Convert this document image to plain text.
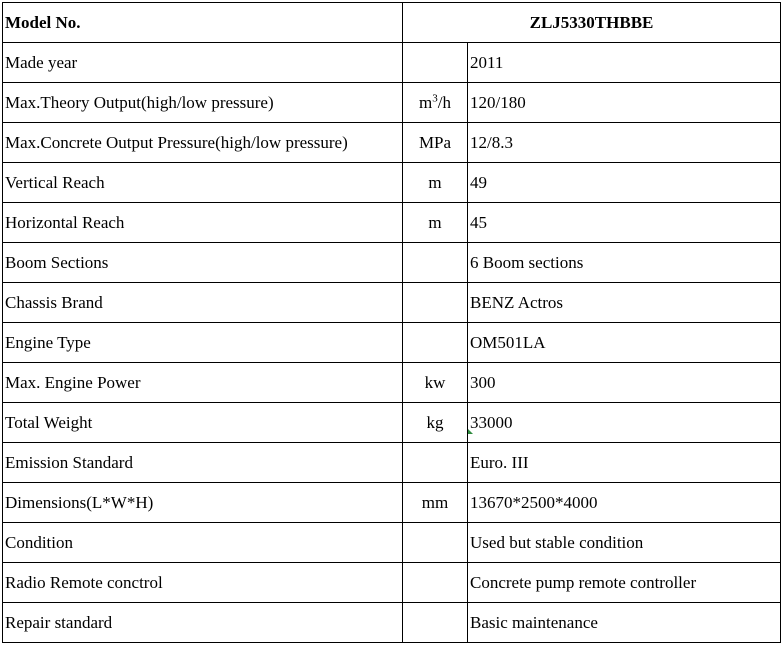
Model No.	ZLJ5330THBBE	
Made year		2011
Max.Theory Output(high/low pressure)	$m^3/h$	120/180
Max.Concrete Output Pressure(high/low pressure)	MPa	12/8.3
Vertical Reach	m	49
Horizontal Reach	m	45
Boom Sections		6 Boom sections
Chassis Brand		BENZ Actros
Engine Type		OM501LA
Max. Engine Power	kw	300
Total Weight	kg	33000
Emission Standard		Euro. III
Dimensions(L*W*H)	mm	13670*2500*4000
Condition		Used but stable condition
Radio Remote conctrol		Concrete pump remote controller
Repair standard		Basic maintenance
